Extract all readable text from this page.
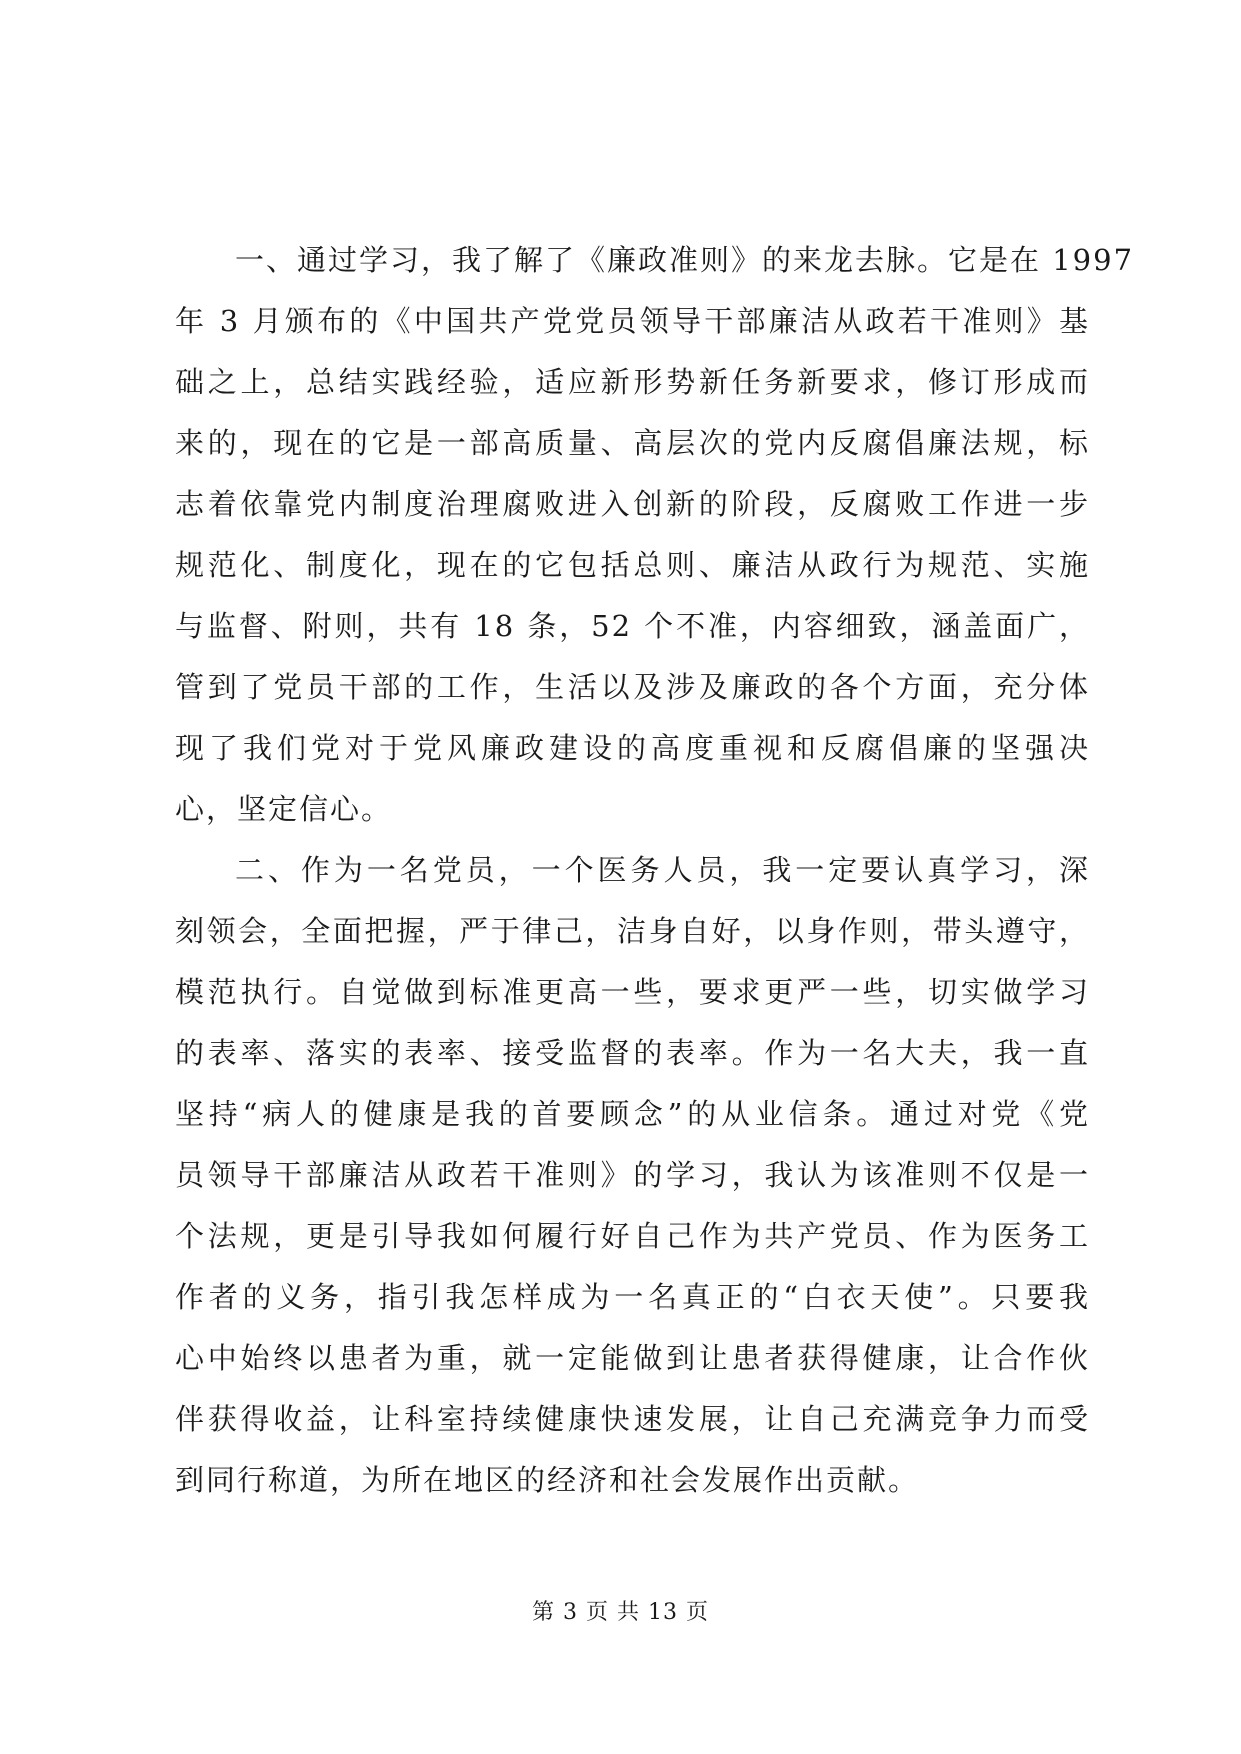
一、通过学习，我了解了《廉政准则》的来龙去脉。它是在 1997
年 3 月颁布的《中国共产党党员领导干部廉洁从政若干准则》基
础之上，总结实践经验，适应新形势新任务新要求，修订形成而
来的，现在的它是一部高质量、高层次的党内反腐倡廉法规，标
志着依靠党内制度治理腐败进入创新的阶段，反腐败工作进一步
规范化、制度化，现在的它包括总则、廉洁从政行为规范、实施
与监督、附则，共有 18 条，52 个不准，内容细致，涵盖面广，
管到了党员干部的工作，生活以及涉及廉政的各个方面，充分体
现了我们党对于党风廉政建设的高度重视和反腐倡廉的坚强决
心，坚定信心。
二、作为一名党员，一个医务人员，我一定要认真学习，深
刻领会，全面把握，严于律己，洁身自好，以身作则，带头遵守，
模范执行。自觉做到标准更高一些，要求更严一些，切实做学习
的表率、落实的表率、接受监督的表率。作为一名大夫，我一直
坚持“病人的健康是我的首要顾念”的从业信条。通过对党《党
员领导干部廉洁从政若干准则》的学习，我认为该准则不仅是一
个法规，更是引导我如何履行好自己作为共产党员、作为医务工
作者的义务，指引我怎样成为一名真正的“白衣天使”。只要我
心中始终以患者为重，就一定能做到让患者获得健康，让合作伙
伴获得收益，让科室持续健康快速发展，让自己充满竞争力而受
到同行称道，为所在地区的经济和社会发展作出贡献。
第 3 页 共 13 页
